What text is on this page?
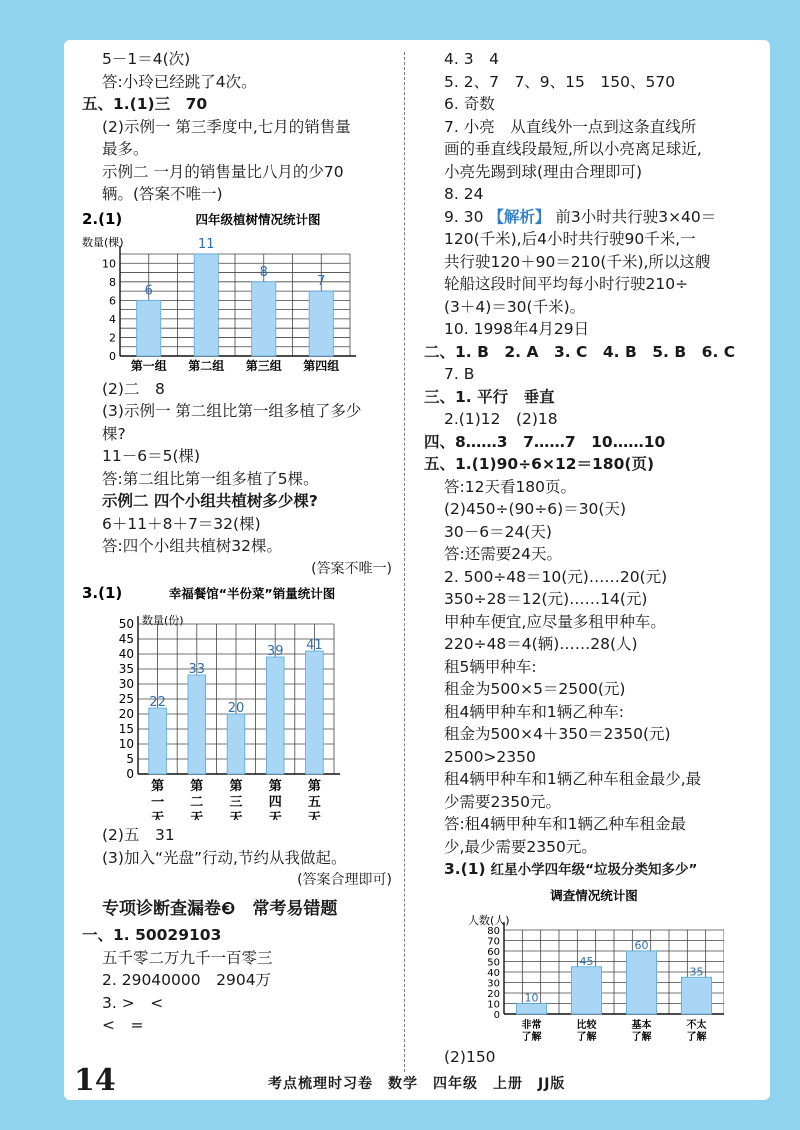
5－1＝4(次)

答:小玲已经跳了4次。

五、1.(1)三　70

(2)示例一 第三季度中,七月的销售量

最多。

示例二 一月的销售量比八月的少70

辆。(答案不唯一)

2.(1)	四年级植树情况统计图
数量(棵)
0
2
4
6
8
10
6
第一组
11
第二组
8
第三组
7
第四组

(2)二　8

(3)示例一 第二组比第一组多植了多少

棵?

11－6＝5(棵)

答:第二组比第一组多植了5棵。

示例二 四个小组共植树多少棵?

6＋11＋8＋7＝32(棵)

答:四个小组共植树32棵。

(答案不唯一)

3.(1)	幸福餐馆“半份菜”销量统计图
数量(份)
0
5
10
15
20
25
30
35
40
45
50
22
第
一
天
33
第
二
天
20
第
三
天
39
第
四
天
41
第
五
天

(2)五　31

(3)加入“光盘”行动,节约从我做起。

(答案合理即可)

专项诊断查漏卷❸　常考易错题

一、1. 50029103

五千零二万九千一百零三

2. 29040000　2904万

3. >　<

<　=

4. 3　4

5. 2、7　7、9、15　150、570

6. 奇数

7. 小亮　从直线外一点到这条直线所

画的垂直线段最短,所以小亮离足球近,

小亮先踢到球(理由合理即可)

8. 24

9. 30 【解析】 前3小时共行驶3×40＝

120(千米),后4小时共行驶90千米,一

共行驶120＋90＝210(千米),所以这艘

轮船这段时间平均每小时行驶210÷

(3＋4)＝30(千米)。

10. 1998年4月29日

二、1. B　2. A　3. C　4. B　5. B　6. C

7. B

三、1. 平行　垂直

2.(1)12　(2)18

四、8……3　7……7　10……10

五、1.(1)90÷6×12＝180(页)

答:12天看180页。

(2)450÷(90÷6)＝30(天)

30－6＝24(天)

答:还需要24天。

2. 500÷48＝10(元)……20(元)

350÷28＝12(元)……14(元)

甲种车便宜,应尽量多租甲种车。

220÷48＝4(辆)……28(人)

租5辆甲种车:

租金为500×5＝2500(元)

租4辆甲种车和1辆乙种车:

租金为500×4＋350＝2350(元)

2500>2350

租4辆甲种车和1辆乙种车租金最少,最

少需要2350元。

答:租4辆甲种车和1辆乙种车租金最

少,最少需要2350元。

3.(1) 红星小学四年级“垃圾分类知多少”

调查情况统计图
人数(人)
0
10
20
30
40
50
60
70
80
10
非常
了解
45
比较
了解
60
基本
了解
35
不太
了解

(2)150

14	考点梳理时习卷　数学　四年级　上册　JJ版
